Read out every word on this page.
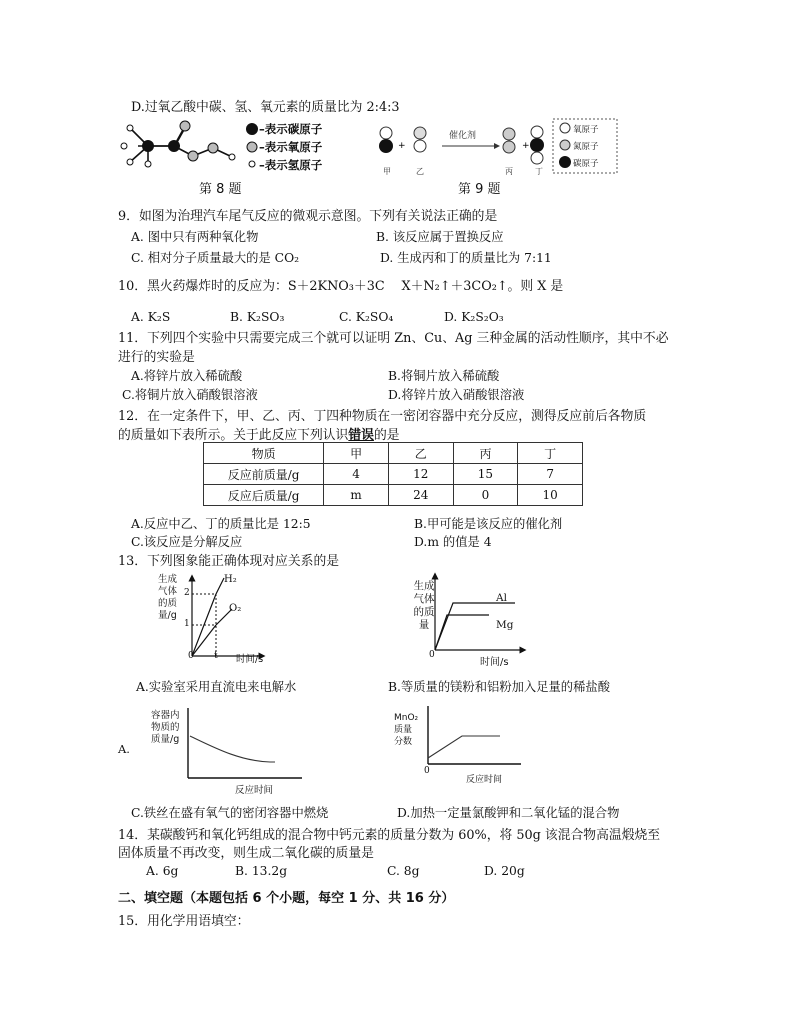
D.过氧乙酸中碳、氢、氧元素的质量比为 2:4:3
–表示碳原子
–表示氧原子
–表示氢原子
第 8 题
+	+
催化剂
甲	乙	丙	丁
氧原子
氮原子
碳原子
第 9 题
9．如图为治理汽车尾气反应的微观示意图。下列有关说法正确的是
A. 图中只有两种氧化物	B. 该反应属于置换反应
C. 相对分子质量最大的是 CO₂	D. 生成丙和丁的质量比为 7:11
10．黑火药爆炸时的反应为：S＋2KNO₃＋3C　 X＋N₂↑＋3CO₂↑。则 X 是
A. K₂S	B. K₂SO₃	C. K₂SO₄	D. K₂S₂O₃
11．下列四个实验中只需要完成三个就可以证明 Zn、Cu、Ag 三种金属的活动性顺序，其中不必
进行的实验是
A.将锌片放入稀硫酸	B.将铜片放入稀硫酸
C.将铜片放入硝酸银溶液	D.将锌片放入硝酸银溶液
12．在一定条件下，甲、乙、丙、丁四种物质在一密闭容器中充分反应，测得反应前后各物质
的质量如下表所示。关于此反应下列认识错误的是
物质	甲	乙	丙	丁
反应前质量/g	4	12	15	7
反应后质量/g	m	24	0	10
A.反应中乙、丁的质量比是 12:5	B.甲可能是该反应的催化剂
C.该反应是分解反应	D.m 的值是 4
13．下列图象能正确体现对应关系的是
生成
气体
的质
量/g
2
1
0 t 时间/s
H₂
O₂
生成
气体
的质
量
0
时间/s
Al
Mg
A.实验室采用直流电来电解水	B.等质量的镁粉和铝粉加入足量的稀盐酸
A.
容器内
物质的
质量/g
反应时间
MnO₂
质量
分数
0
反应时间
C.铁丝在盛有氧气的密闭容器中燃烧	D.加热一定量氯酸钾和二氧化锰的混合物
14．某碳酸钙和氧化钙组成的混合物中钙元素的质量分数为 60%，将 50g 该混合物高温煅烧至
固体质量不再改变，则生成二氧化碳的质量是
A. 6g	B. 13.2g	C. 8g	D. 20g
二、填空题（本题包括 6 个小题，每空 1 分、共 16 分）
15．用化学用语填空：
